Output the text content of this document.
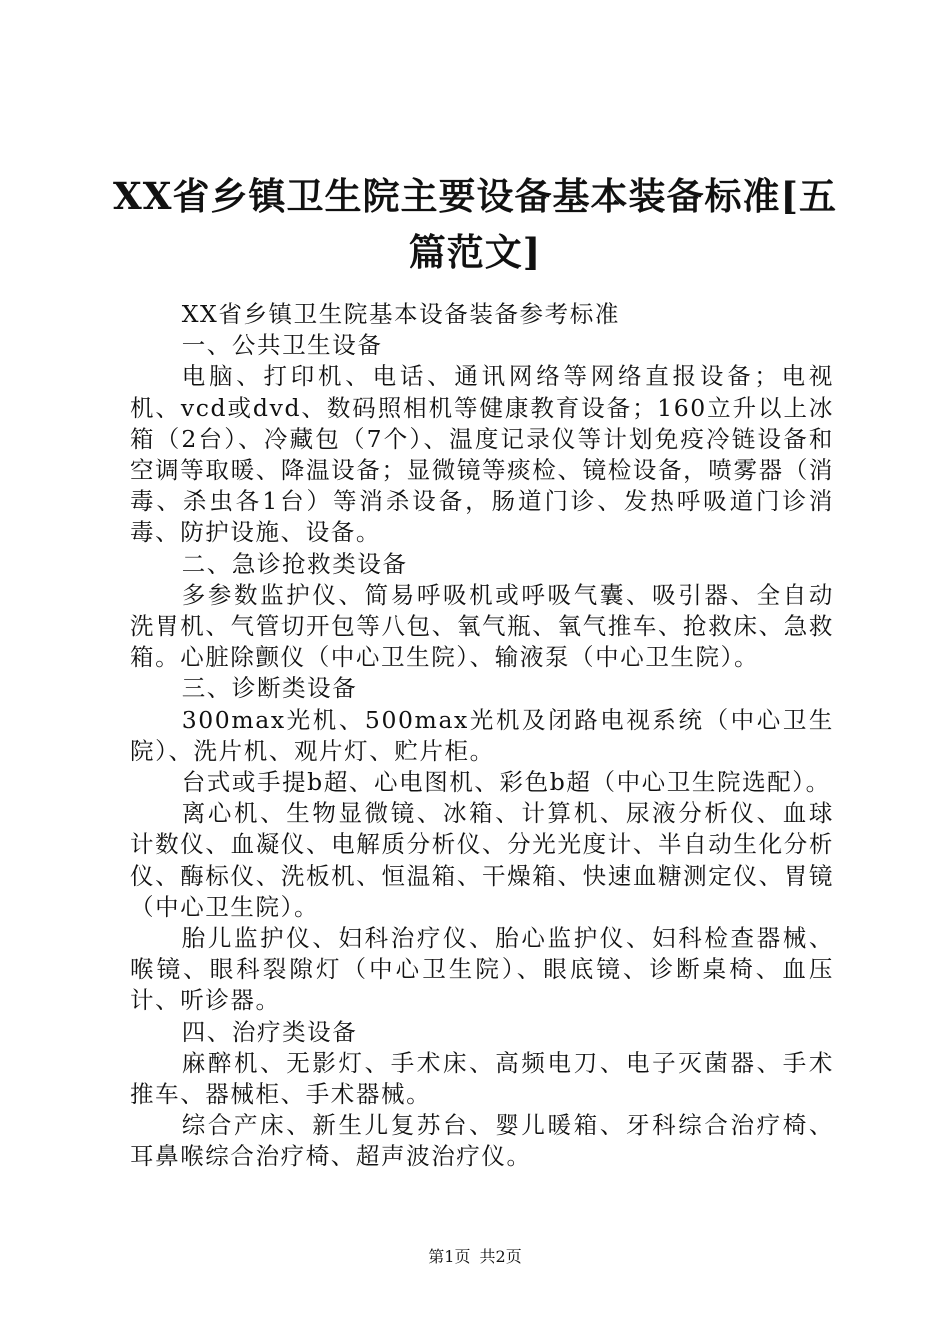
XX省乡镇卫生院主要设备基本装备标准[五篇范文]

XX省乡镇卫生院基本设备装备参考标准

一、公共卫生设备

电脑、打印机、电话、通讯网络等网络直报设备；电视机、vcd或dvd、数码照相机等健康教育设备；160立升以上冰箱（2台）、冷藏包（7个）、温度记录仪等计划免疫冷链设备和空调等取暖、降温设备；显微镜等痰检、镜检设备，喷雾器（消毒、杀虫各1台）等消杀设备，肠道门诊、发热呼吸道门诊消毒、防护设施、设备。

二、急诊抢救类设备

多参数监护仪、简易呼吸机或呼吸气囊、吸引器、全自动洗胃机、气管切开包等八包、氧气瓶、氧气推车、抢救床、急救箱。心脏除颤仪（中心卫生院）、输液泵（中心卫生院）。

三、诊断类设备

300max光机、500max光机及闭路电视系统（中心卫生院）、洗片机、观片灯、贮片柜。

台式或手提b超、心电图机、彩色b超（中心卫生院选配）。

离心机、生物显微镜、冰箱、计算机、尿液分析仪、血球计数仪、血凝仪、电解质分析仪、分光光度计、半自动生化分析仪、酶标仪、洗板机、恒温箱、干燥箱、快速血糖测定仪、胃镜（中心卫生院）。

胎儿监护仪、妇科治疗仪、胎心监护仪、妇科检查器械、喉镜、眼科裂隙灯（中心卫生院）、眼底镜、诊断桌椅、血压计、听诊器。

四、治疗类设备

麻醉机、无影灯、手术床、高频电刀、电子灭菌器、手术推车、器械柜、手术器械。

综合产床、新生儿复苏台、婴儿暖箱、牙科综合治疗椅、耳鼻喉综合治疗椅、超声波治疗仪。

第1页 共2页
